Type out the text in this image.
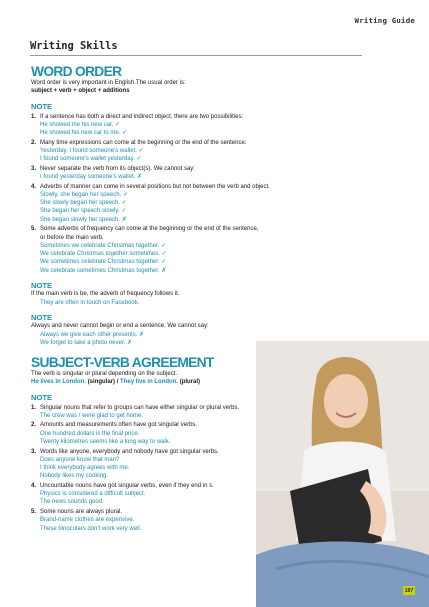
Writing Guide
Writing Skills
WORD ORDER
Word order is very important in English.The usual order is:
subject + verb + object + additions
NOTE
1. If a sentence has both a direct and indirect object, there are two possibilities:
He showed me his new car. ✓
He showed his new car to me. ✓
2. Many time expressions can come at the beginning or the end of the sentence:
Yesterday, I found someone’s wallet. ✓
I found someone’s wallet yesterday. ✓
3. Never separate the verb from its object(s). We cannot say:
I found yesterday someone’s wallet. ✗
4. Adverbs of manner can come in several positions but not between the verb and object.
Slowly, she began her speech. ✓
She slowly began her speech. ✓
She began her speech slowly. ✓
She began slowly her speech. ✗
5. Some adverbs of frequency can come at the beginning or the end of the sentence,
or before the main verb.
Sometimes we celebrate Christmas together. ✓
We celebrate Christmas together sometimes. ✓
We sometimes celebrate Christmas together. ✓
We celebrate sometimes Christmas together. ✗
NOTE
If the main verb is be, the adverb of frequency follows it.
They are often in touch on Facebook.
NOTE
Always and never cannot begin or end a sentence. We cannot say:
Always we give each other presents. ✗
We forget to take a photo never. ✗
SUBJECT-VERB AGREEMENT
The verb is singular or plural depending on the subject.
He lives in London. (singular) / They live in London. (plural)
NOTE
1. Singular nouns that refer to groups can have either singular or plural verbs.
The crew was / were glad to get home.
2. Amounts and measurements often have got singular verbs.
One hundred dollars is the final price.
Twenty kilometres seems like a long way to walk.
3. Words like anyone, everybody and nobody have got singular verbs.
Does anyone know that man?
I think everybody agrees with me.
Nobody likes my cooking.
4. Uncountable nouns have got singular verbs, even if they end in s.
Physics is considered a difficult subject.
The news sounds good.
5. Some nouns are always plural.
Brand-name clothes are expensive.
These binoculars don’t work very well.
187
